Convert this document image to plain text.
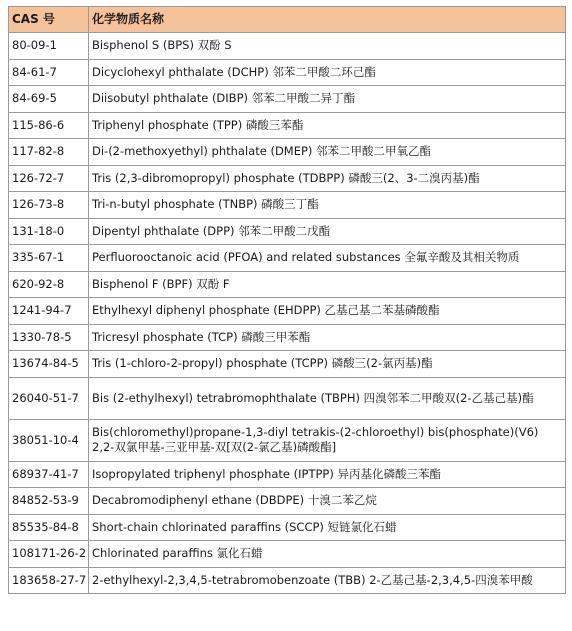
CAS 号	化学物质名称
80-09-1	Bisphenol S (BPS) 双酚 S
84-61-7	Dicyclohexyl phthalate (DCHP) 邻苯二甲酸二环己酯
84-69-5	Diisobutyl phthalate (DIBP) 邻苯二甲酸二异丁酯
115-86-6	Triphenyl phosphate (TPP) 磷酸三苯酯
117-82-8	Di-(2-methoxyethyl) phthalate (DMEP) 邻苯二甲酸二甲氧乙酯
126-72-7	Tris (2,3-dibromopropyl) phosphate (TDBPP) 磷酸三(2、3-二溴丙基)酯
126-73-8	Tri-n-butyl phosphate (TNBP) 磷酸三丁酯
131-18-0	Dipentyl phthalate (DPP) 邻苯二甲酸二戊酯
335-67-1	Perfluorooctanoic acid (PFOA) and related substances 全氟辛酸及其相关物质
620-92-8	Bisphenol F (BPF) 双酚 F
1241-94-7	Ethylhexyl diphenyl phosphate (EHDPP) 乙基己基二苯基磷酸酯
1330-78-5	Tricresyl phosphate (TCP) 磷酸三甲苯酯
13674-84-5	Tris (1-chloro-2-propyl) phosphate (TCPP) 磷酸三(2-氯丙基)酯
26040-51-7	Bis (2-ethylhexyl) tetrabromophthalate (TBPH) 四溴邻苯二甲酸双(2-乙基己基)酯
38051-10-4	Bis(chloromethyl)propane-1,3-diyl tetrakis-(2-chloroethyl) bis(phosphate)(V6) 2,2-双氯甲基-三亚甲基-双[双(2-氯乙基)磷酸酯]
68937-41-7	Isopropylated triphenyl phosphate (IPTPP) 异丙基化磷酸三苯酯
84852-53-9	Decabromodiphenyl ethane (DBDPE) 十溴二苯乙烷
85535-84-8	Short-chain chlorinated paraffins (SCCP) 短链氯化石蜡
108171-26-2	Chlorinated paraffins 氯化石蜡
183658-27-7	2-ethylhexyl-2,3,4,5-tetrabromobenzoate (TBB) 2-乙基己基-2,3,4,5-四溴苯甲酸
